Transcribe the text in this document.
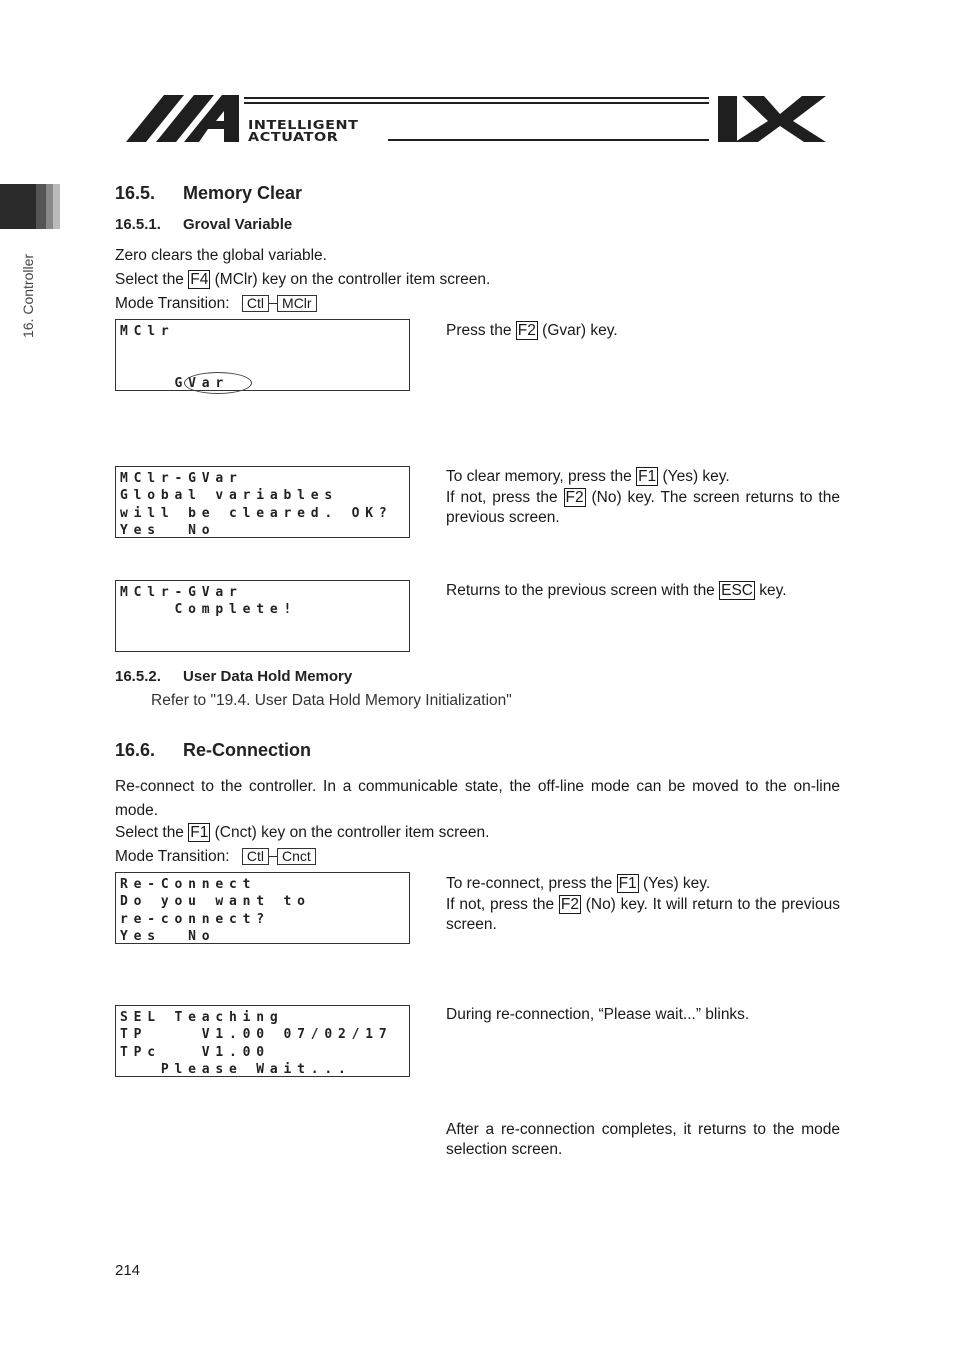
INTELLIGENT
ACTUATOR
16. Controller
16.5. Memory Clear
16.5.1. Groval Variable
Zero clears the global variable.
Select the F4 (MClr) key on the controller item screen.
Mode Transition: Ctl MClr
MClr
GVar
Press the F2 (Gvar) key.
MClr-GVar
Global variables
will be cleared. OK?
Yes  No
To clear memory, press the F1 (Yes) key.
If not, press the F2 (No) key. The screen returns to the previous screen.
MClr-GVar
Complete!
Returns to the previous screen with the ESC key.
16.5.2. User Data Hold Memory
Refer to "19.4. User Data Hold Memory Initialization"
16.6. Re-Connection
Re-connect to the controller. In a communicable state, the off-line mode can be moved to the on-line mode.
Select the F1 (Cnct) key on the controller item screen.
Mode Transition: Ctl Cnct
Re-Connect
Do you want to
re-connect?
Yes  No
To re-connect, press the F1 (Yes) key.
If not, press the F2 (No) key. It will return to the previous screen.
SEL Teaching
TP    V1.00 07/02/17
TPc   V1.00
Please Wait...
During re-connection, “Please wait...” blinks.
After a re-connection completes, it returns to the mode selection screen.
214
